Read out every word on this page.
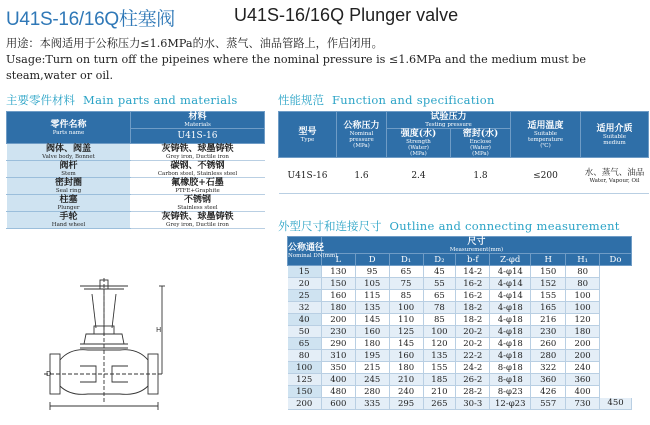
U41S-16/16Q柱塞阀	U41S-16/16Q Plunger valve
用途：本阀适用于公称压力≤1.6MPa的水、蒸气、油品管路上，作启闭用。
Usage:Turn on turn off the pipeines where the nominal pressure is ≤1.6MPa and the medium must be steam,water or oil.
主要零件材料 Main parts and materials	性能规范 Function and specification
外型尺寸和连接尺寸 Outline and connecting measurement
零件名称
Parts name	材料
Materials

	U41S-16

阀体、阀盖
Valve body, Bonnet	灰铸铁、球墨铸铁
Grey iron, Ductile iron

阀杆
Stem	碳钢、不锈钢
Carbon steel, Stainless steel

密封圈
Seal ring	氟橡胶+石墨
PTFE+Graphite

柱塞
Plunger	不锈钢
Stainless steel

手轮
Hand wheel	灰铸铁、球墨铸铁
Grey iron, Ductile iron
型号
Type	公称压力
Nominal
pressure
(MPa)	试验压力
Testing pressure		适用温度
Suitable
temperature
(℃)	适用介质
Suitable
medium

		强度(水)
Strength
(Water)
(MPa)	密封(水)
Enclose
(Water)
(MPa)		

U41S-16	1.6	2.4	1.8	≤200	水、蒸气、油品
Water, Vapour, Oil
公称通径
Nominal DN(mm)	尺寸
Measurement(mm)								

	L	D	D₁	D₂	b-f	Z-φd	H	H₁	Do
15	130	95	65	45	14-2	4-φ14	150	80	
20	150	105	75	55	16-2	4-φ14	152	80	
25	160	115	85	65	16-2	4-φ14	155	100	
32	180	135	100	78	18-2	4-φ18	165	100	
40	200	145	110	85	18-2	4-φ18	216	120	
50	230	160	125	100	20-2	4-φ18	230	180	
65	290	180	145	120	20-2	4-φ18	260	200	
80	310	195	160	135	22-2	4-φ18	280	200	
100	350	215	180	155	24-2	8-φ18	322	240	
125	400	245	210	185	26-2	8-φ18	360	360	
150	480	280	240	210	28-2	8-φ23	426	400	
200	600	335	295	265	30-3	12-φ23	557	730	450
D
H
